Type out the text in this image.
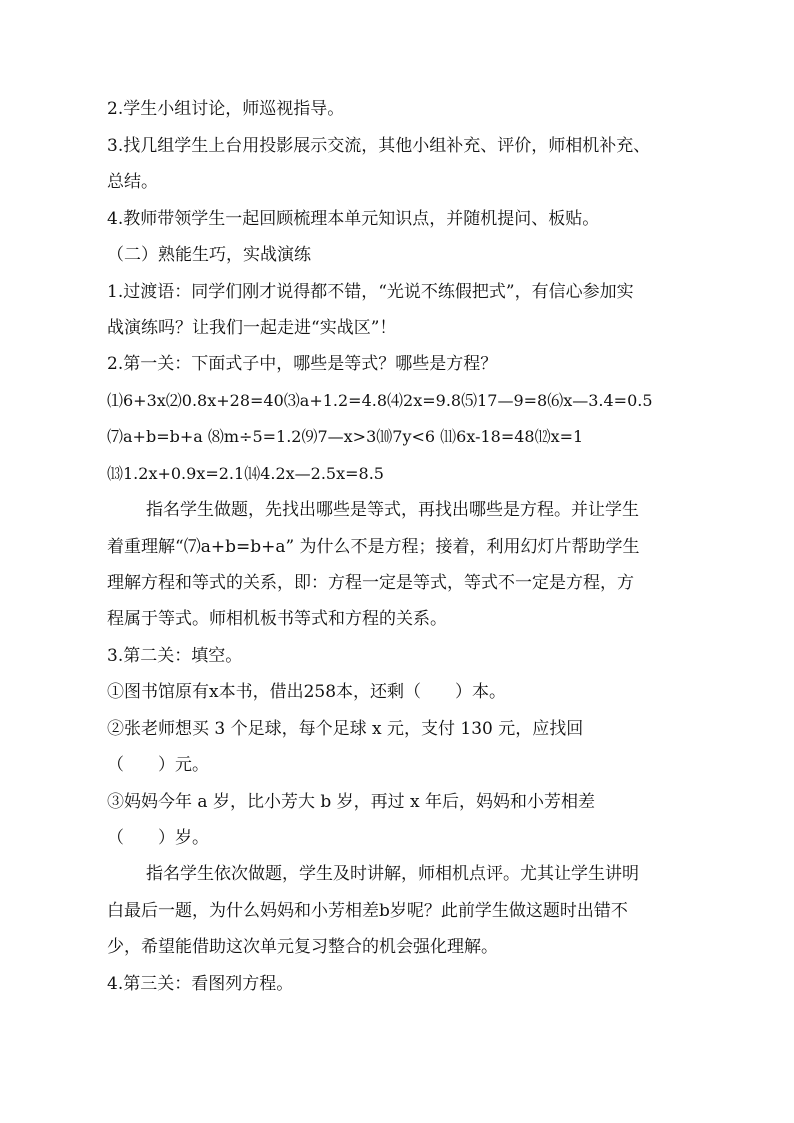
2.学生小组讨论，师巡视指导。
3.找几组学生上台用投影展示交流，其他小组补充、评价，师相机补充、
总结。
4.教师带领学生一起回顾梳理本单元知识点，并随机提问、板贴。
（二）熟能生巧，实战演练
1.过渡语：同学们刚才说得都不错，“光说不练假把式”，有信心参加实
战演练吗？让我们一起走进“实战区”！
2.第一关：下面式子中，哪些是等式？哪些是方程？
⑴6+3x⑵0.8x+28=40⑶a+1.2=4.8⑷2x=9.8⑸17—9=8⑹x—3.4=0.5
⑺a+b=b+a ⑻m÷5=1.2⑼7—x>3⑽7y<6 ⑾6x-18=48⑿x=1
⒀1.2x+0.9x=2.1⒁4.2x—2.5x=8.5
指名学生做题，先找出哪些是等式，再找出哪些是方程。并让学生
着重理解“⑺a+b=b+a” 为什么不是方程；接着，利用幻灯片帮助学生
理解方程和等式的关系，即：方程一定是等式，等式不一定是方程，方
程属于等式。师相机板书等式和方程的关系。
3.第二关：填空。
①图书馆原有x本书，借出258本，还剩（　　）本。
②张老师想买 3 个足球，每个足球 x 元，支付 130 元，应找回
（　　）元。
③妈妈今年 a 岁，比小芳大 b 岁，再过 x 年后，妈妈和小芳相差
（　　）岁。
指名学生依次做题，学生及时讲解，师相机点评。尤其让学生讲明
白最后一题，为什么妈妈和小芳相差b岁呢？此前学生做这题时出错不
少，希望能借助这次单元复习整合的机会强化理解。
4.第三关：看图列方程。
